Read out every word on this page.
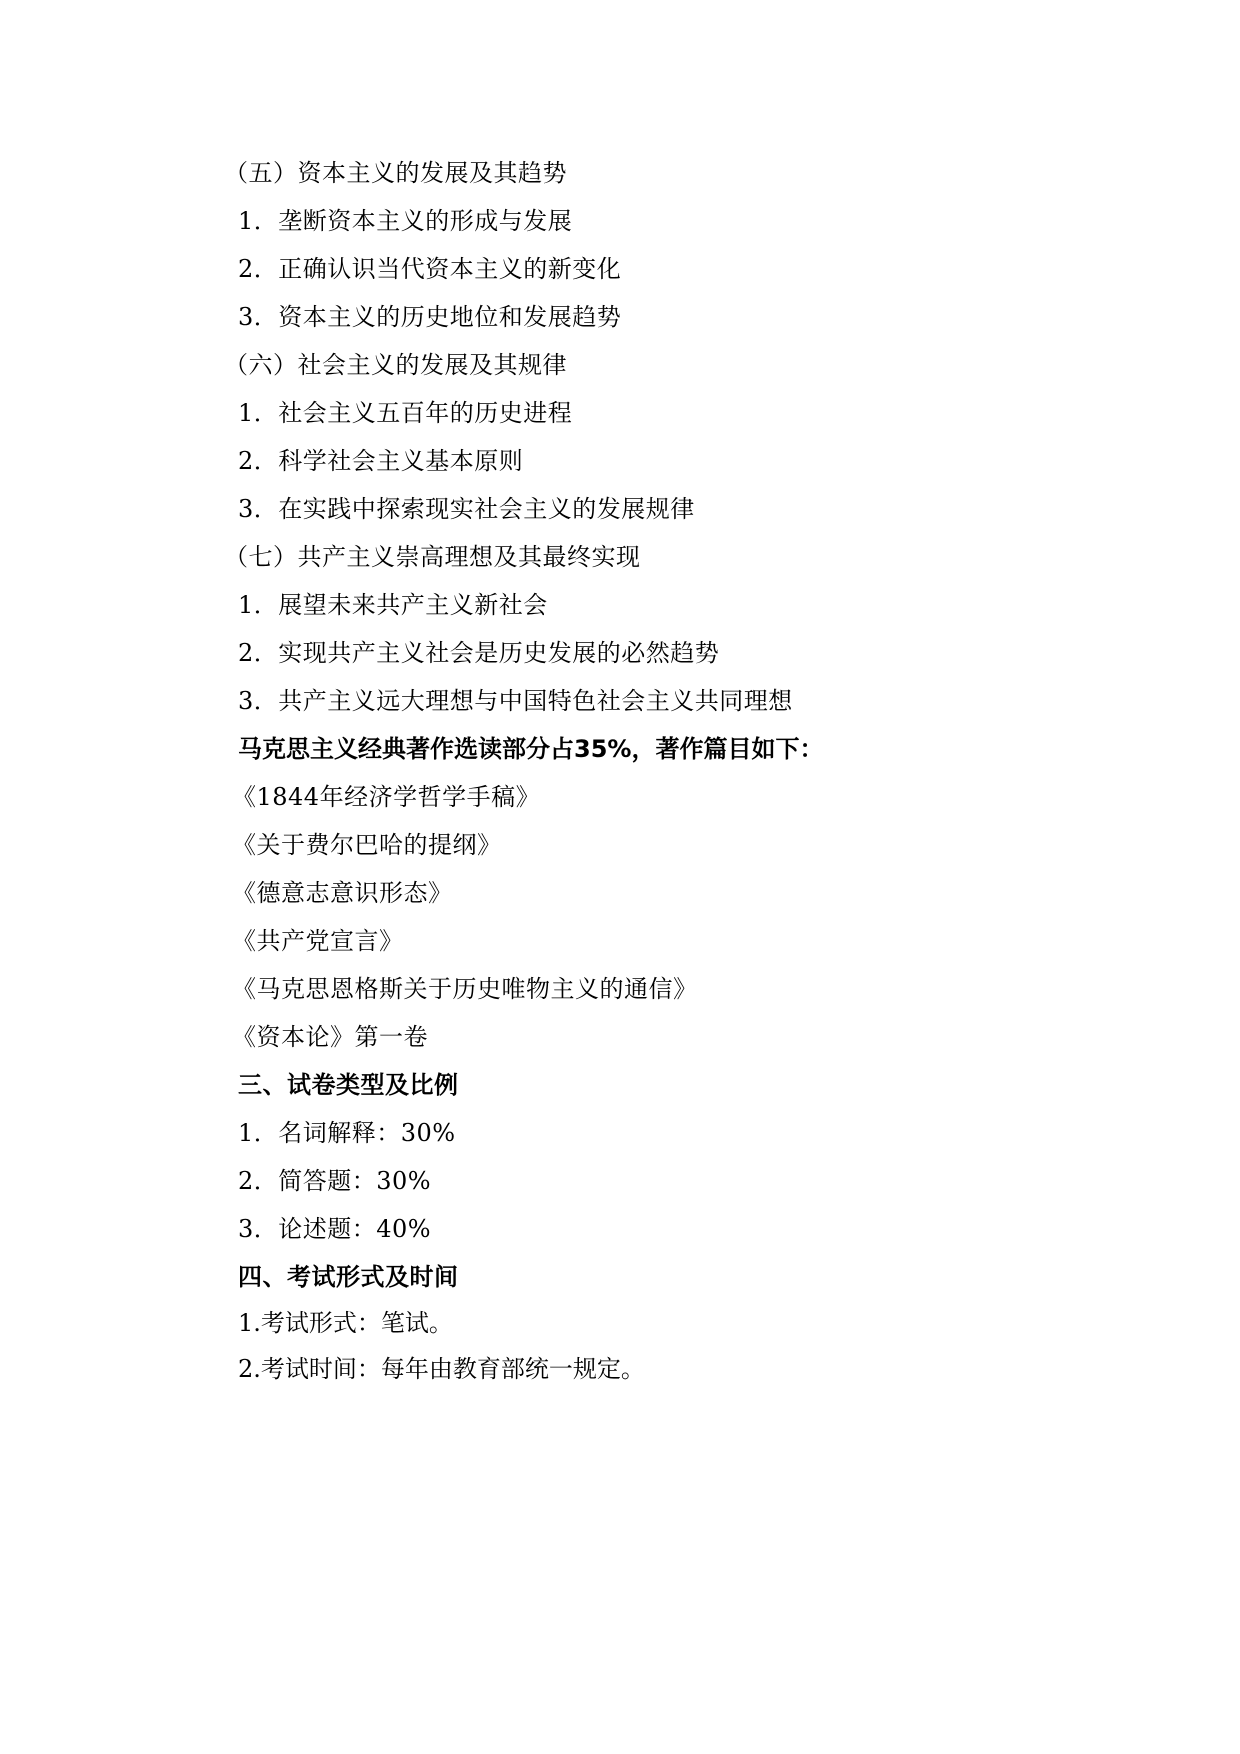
（五）资本主义的发展及其趋势
1．垄断资本主义的形成与发展
2．正确认识当代资本主义的新变化
3．资本主义的历史地位和发展趋势
（六）社会主义的发展及其规律
1．社会主义五百年的历史进程
2．科学社会主义基本原则
3．在实践中探索现实社会主义的发展规律
（七）共产主义崇高理想及其最终实现
1．展望未来共产主义新社会
2．实现共产主义社会是历史发展的必然趋势
3．共产主义远大理想与中国特色社会主义共同理想
马克思主义经典著作选读部分占35%，著作篇目如下：
《1844年经济学哲学手稿》
《关于费尔巴哈的提纲》
《德意志意识形态》
《共产党宣言》
《马克思恩格斯关于历史唯物主义的通信》
《资本论》第一卷
三、试卷类型及比例
1．名词解释：30%
2．简答题：30%
3．论述题：40%
四、考试形式及时间
1.考试形式：笔试。
2.考试时间：每年由教育部统一规定。
